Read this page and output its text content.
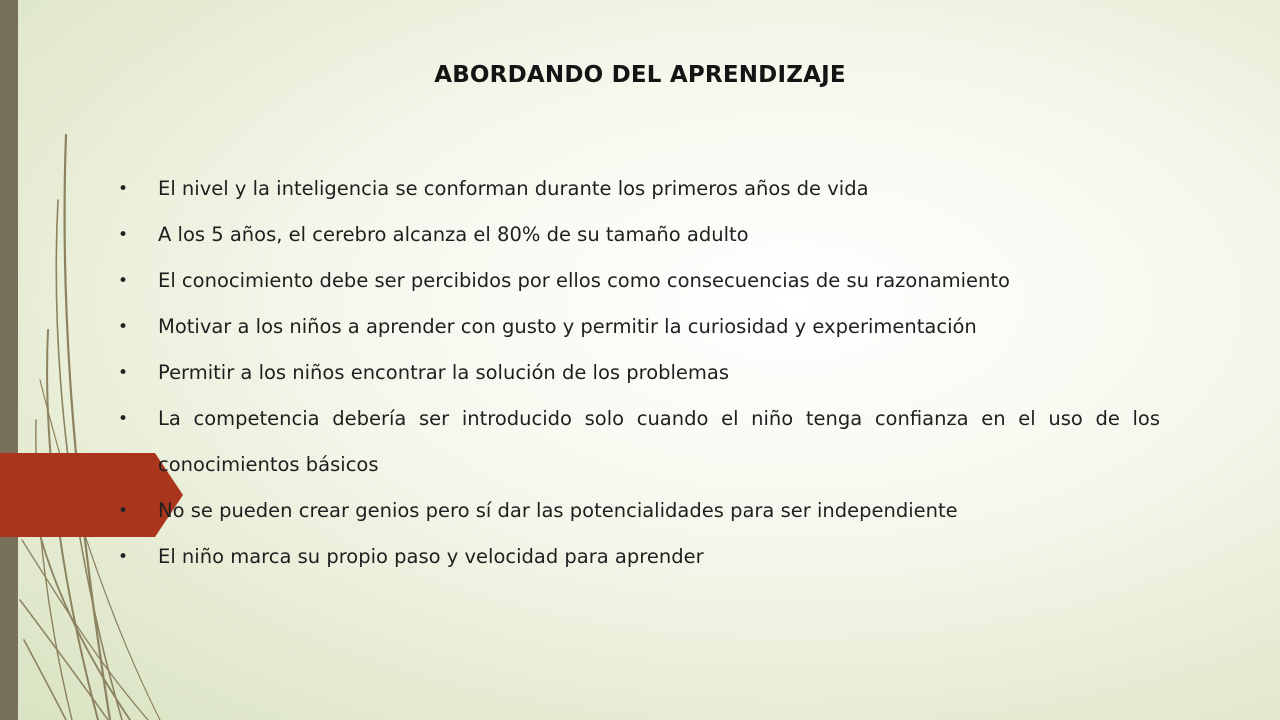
ABORDANDO DEL APRENDIZAJE
• El nivel y la inteligencia se conforman durante los primeros años de vida
• A los 5 años, el cerebro alcanza el 80% de su tamaño adulto
• El conocimiento debe ser percibidos por ellos como consecuencias de su razonamiento
• Motivar a los niños a aprender con gusto y permitir la curiosidad y experimentación
• Permitir a los niños encontrar la solución de los problemas
• La competencia debería ser introducido solo cuando el niño tenga confianza en el uso de los conocimientos básicos
• No se pueden crear genios pero sí dar las potencialidades para ser independiente
• El niño marca su propio paso y velocidad para aprender
